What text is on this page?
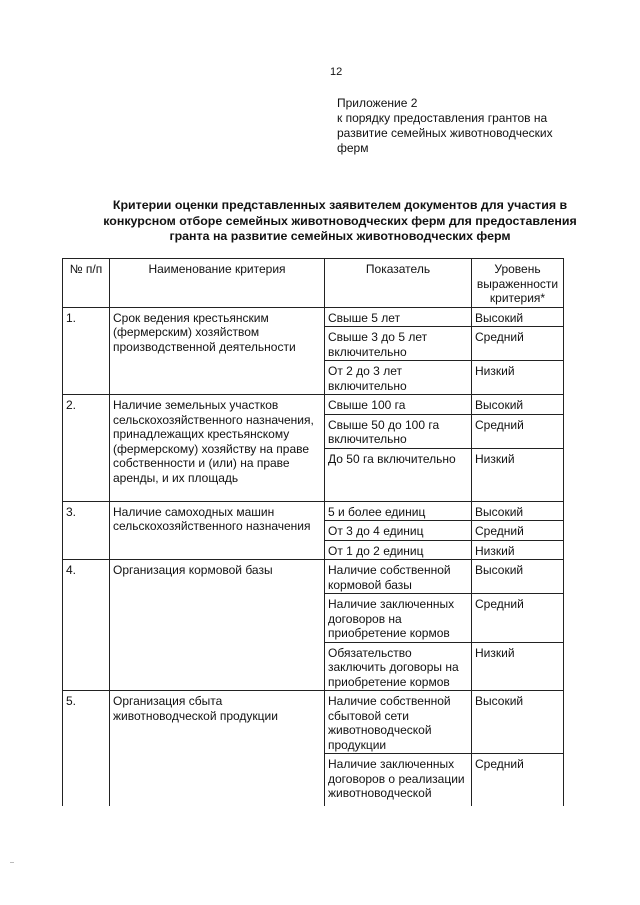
12
Приложение 2
к порядку предоставления грантов на
развитие семейных животноводческих
ферм
Критерии оценки представленных заявителем документов для участия в
конкурсном отборе семейных животноводческих ферм для предоставления
гранта на развитие семейных животноводческих ферм
№ п/п	Наименование критерия	Показатель	Уровень выраженности критерия*
1.	Срок ведения крестьянским (фермерским) хозяйством производственной деятельности	Свыше 5 лет	Высокий
		Свыше 3 до 5 лет включительно	Средний
		От 2 до 3 лет включительно	Низкий
2.	Наличие земельных участков сельскохозяйственного назначения, принадлежащих крестьянскому (фермерскому) хозяйству на праве собственности и (или) на праве аренды, и их площадь	Свыше 100 га	Высокий
		Свыше 50 до 100 га включительно	Средний
		До 50 га включительно	Низкий
3.	Наличие самоходных машин сельскохозяйственного назначения	5 и более единиц	Высокий
		От 3 до 4 единиц	Средний
		От 1 до 2 единиц	Низкий
4.	Организация кормовой базы	Наличие собственной кормовой базы	Высокий
		Наличие заключенных договоров на приобретение кормов	Средний
		Обязательство заключить договоры на приобретение кормов	Низкий
5.	Организация сбыта животноводческой продукции	Наличие собственной сбытовой сети животноводческой продукции	Высокий
		Наличие заключенных договоров о реализации животноводческой	Средний
